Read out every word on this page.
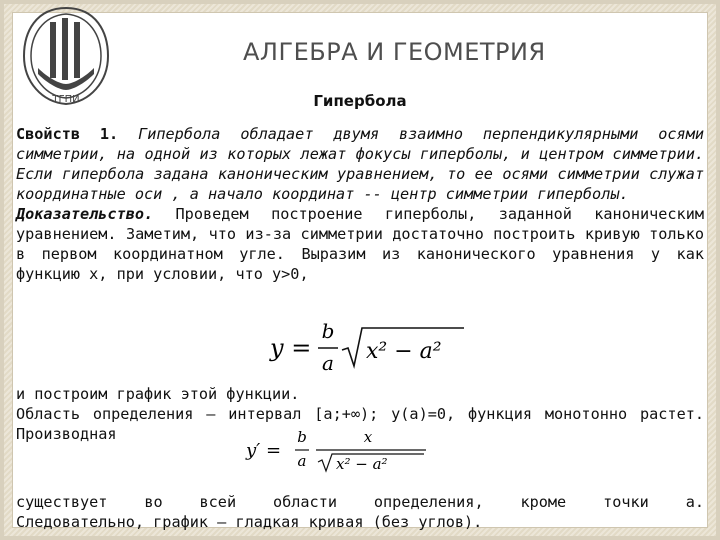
ТГПИ
АЛГЕБРА И ГЕОМЕТРИЯ
Гипербола

Свойств 1. Гипербола обладает двумя взаимно перпендикулярными осями симметрии, на одной из которых лежат фокусы гиперболы, и центром симметрии. Если гипербола задана каноническим уравнением, то ее осями симметрии служат координатные оси , а начало координат -- центр симметрии гиперболы.

Доказательство. Проведем построение гиперболы, заданной каноническим уравнением. Заметим, что из-за симметрии достаточно построить кривую только в первом координатном угле. Выразим из канонического уравнения y как функцию x, при условии, что y>0,

y =
b
a x² − a²

и построим график этой функции.

Область определения – интервал [a;+∞); y(a)=0, функция монотонно растет. Производная

y′ =
b
a
x
x² − a²

существует во всей области определения, кроме точки a.

Следовательно, график – гладкая кривая (без углов).
